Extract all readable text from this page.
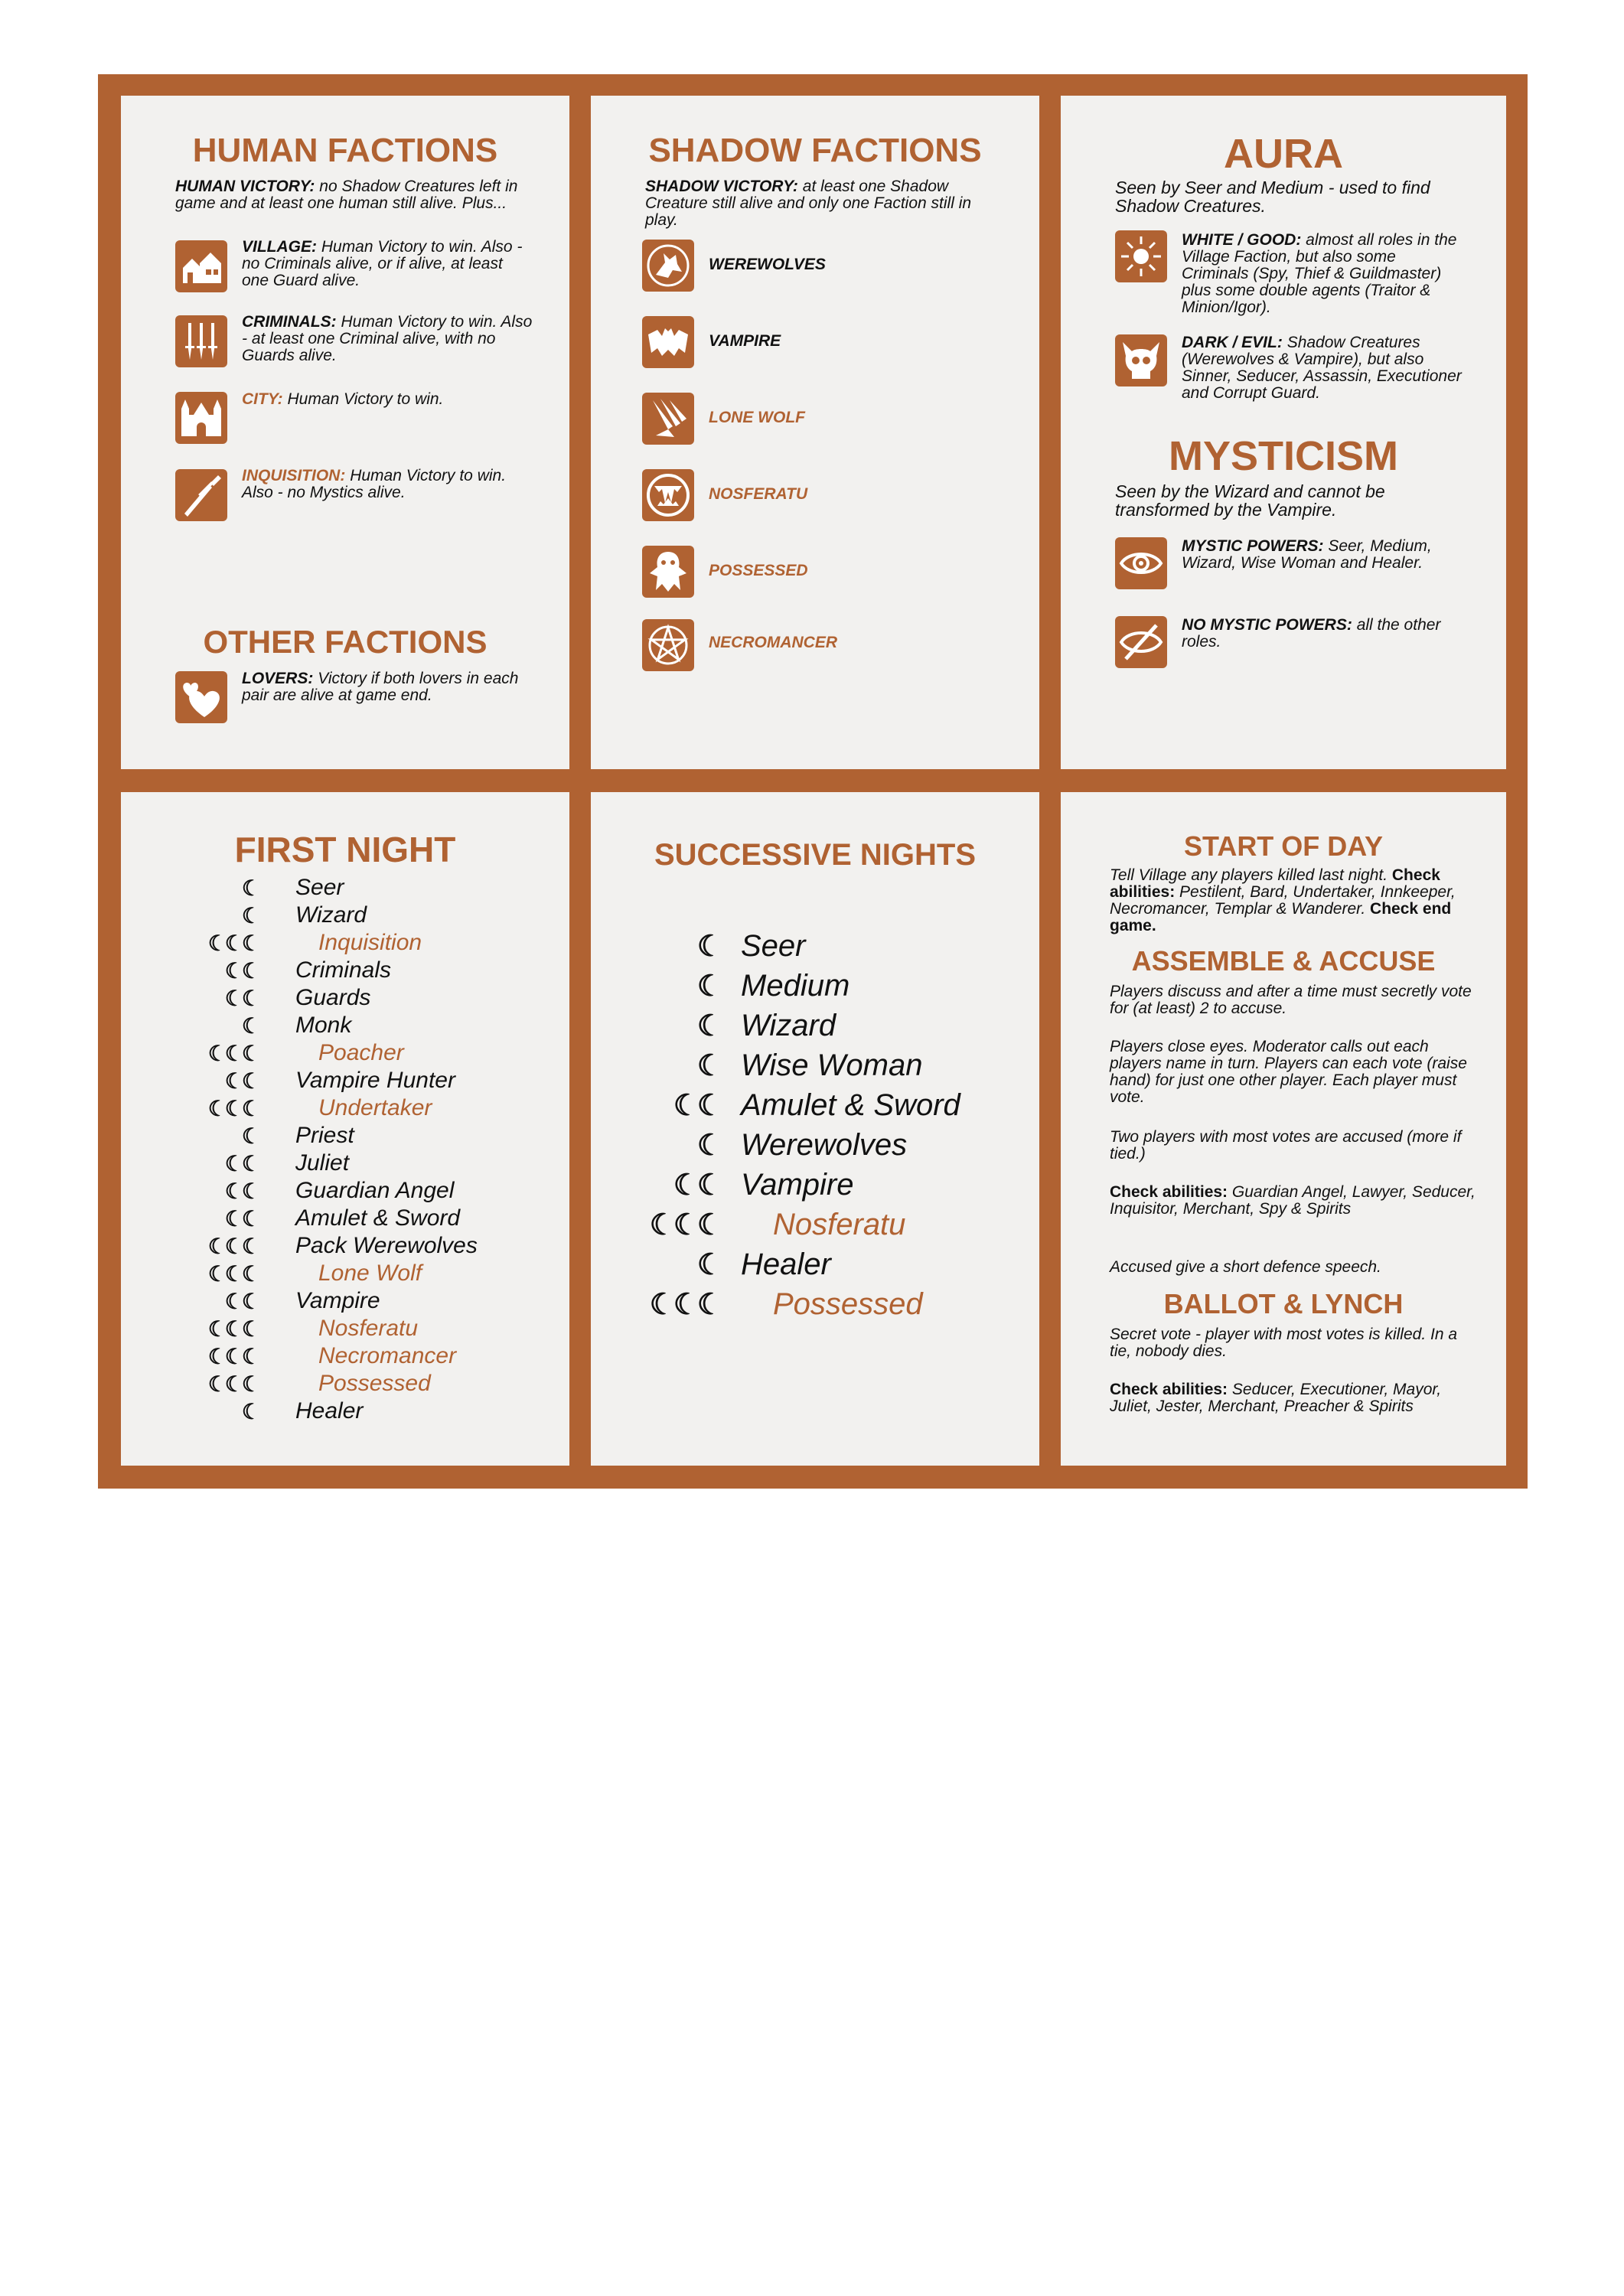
HUMAN FACTIONS

HUMAN VICTORY: no Shadow Creatures left in game and at least one human still alive. Plus...

VILLAGE: Human Victory to win. Also - no Criminals alive, or if alive, at least one Guard alive.

CRIMINALS: Human Victory to win. Also - at least one Criminal alive, with no Guards alive.

CITY: Human Victory to win.

INQUISITION: Human Victory to win. Also - no Mystics alive.

OTHER FACTIONS

LOVERS: Victory if both lovers in each pair are alive at game end.

SHADOW FACTIONS

SHADOW VICTORY: at least one Shadow Creature still alive and only one Faction still in play.

WEREWOLVES

VAMPIRE

LONE WOLF

NOSFERATU

POSSESSED

NECROMANCER

AURA

Seen by Seer and Medium - used to find Shadow Creatures.

WHITE / GOOD: almost all roles in the Village Faction, but also some Criminals (Spy, Thief & Guildmaster) plus some double agents (Traitor & Minion/Igor).

DARK / EVIL: Shadow Creatures (Werewolves & Vampire), but also Sinner, Seducer, Assassin, Executioner and Corrupt Guard.

MYSTICISM

Seen by the Wizard and cannot be transformed by the Vampire.

MYSTIC POWERS: Seer, Medium, Wizard, Wise Woman and Healer.

NO MYSTIC POWERS: all the other roles.

FIRST NIGHT
☾ Seer
☾ Wizard
☾☾☾	Inquisition
☾☾ Criminals
☾☾ Guards
☾ Monk
☾☾☾	Poacher
☾☾ Vampire Hunter
☾☾☾	Undertaker
☾ Priest
☾☾ Juliet
☾☾ Guardian Angel
☾☾ Amulet & Sword
☾☾☾ Pack Werewolves
☾☾☾	Lone Wolf
☾☾ Vampire
☾☾☾	Nosferatu
☾☾☾	Necromancer
☾☾☾	Possessed
☾ Healer
SUCCESSIVE NIGHTS
☾ Seer
☾ Medium
☾ Wizard
☾ Wise Woman
☾☾ Amulet & Sword
☾ Werewolves
☾☾ Vampire
☾☾☾ Nosferatu
☾ Healer
☾☾☾ Possessed
START OF DAY

Tell Village any players killed last night. Check abilities: Pestilent, Bard, Undertaker, Innkeeper, Necromancer, Templar & Wanderer. Check end game.

ASSEMBLE & ACCUSE

Players discuss and after a time must secretly vote for (at least) 2 to accuse.

Players close eyes. Moderator calls out each players name in turn. Players can each vote (raise hand) for just one other player. Each player must vote.

Two players with most votes are accused (more if tied.)

Check abilities: Guardian Angel, Lawyer, Seducer, Inquisitor, Merchant, Spy & Spirits

Accused give a short defence speech.

BALLOT & LYNCH

Secret vote - player with most votes is killed. In a tie, nobody dies.

Check abilities: Seducer, Executioner, Mayor, Juliet, Jester, Merchant, Preacher & Spirits
